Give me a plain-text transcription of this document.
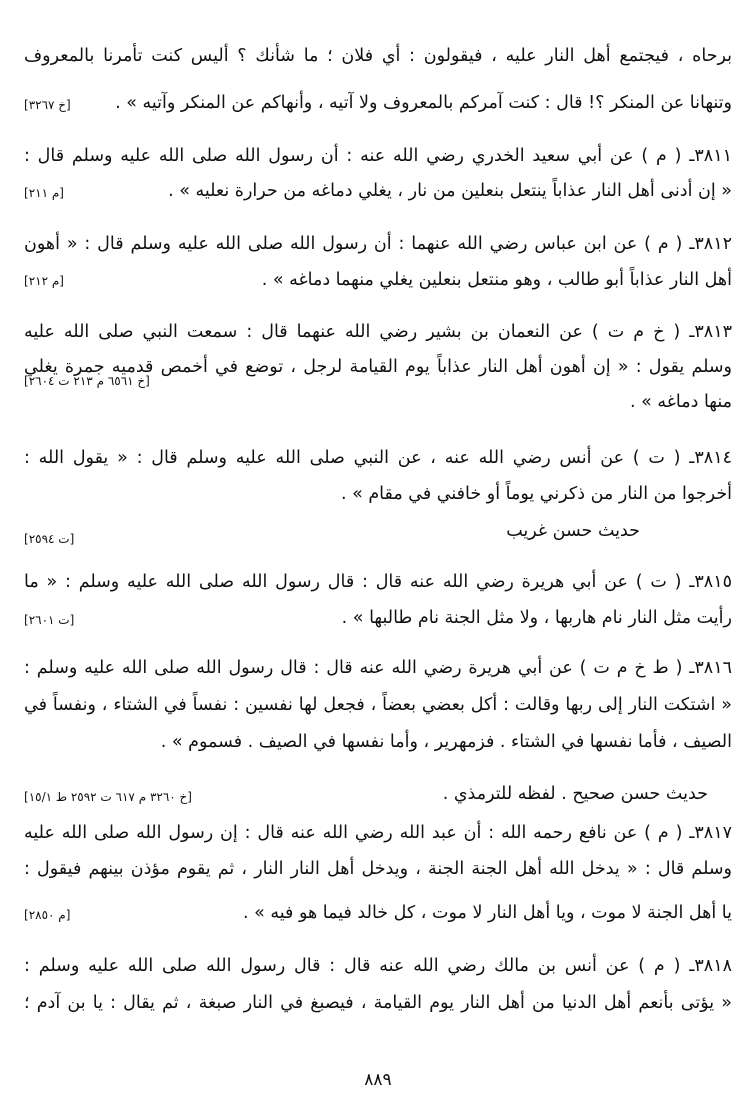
برحاه ، فيجتمع أهل النار عليه ، فيقولون : أي فلان ؛ ما شأنك ؟ أليس كنت تأمرنا بالمعروف
وتنهانا عن المنكر ؟! قال : كنت آمركم بالمعروف ولا آتيه ، وأنهاكم عن المنكر وآتيه » .
[خ ٣٢٦٧]
٣٨١١ـ ( م ) عن أبي سعيد الخدري رضي الله عنه : أن رسول الله صلى الله عليه وسلم قال :
« إن أدنى أهل النار عذاباً ينتعل بنعلين من نار ، يغلي دماغه من حرارة نعليه » .
[م ٢١١]
٣٨١٢ـ ( م ) عن ابن عباس رضي الله عنهما : أن رسول الله صلى الله عليه وسلم قال : « أهون
أهل النار عذاباً أبو طالب ، وهو منتعل بنعلين يغلي منهما دماغه » .
[م ٢١٢]
٣٨١٣ـ ( خ م ت ) عن النعمان بن بشير رضي الله عنهما قال : سمعت النبي صلى الله عليه
وسلم يقول : « إن أهون أهل النار عذاباً يوم القيامة لرجل ، توضع في أخمص قدميه جمرة يغلي
منها دماغه » .
[خ ٦٥٦١ م ٢١٣ ت ٢٦٠٤]
٣٨١٤ـ ( ت ) عن أنس رضي الله عنه ، عن النبي صلى الله عليه وسلم قال : « يقول الله :
أخرجوا من النار من ذكرني يوماً أو خافني في مقام » .
حديث حسن غريب
[ت ٢٥٩٤]
٣٨١٥ـ ( ت ) عن أبي هريرة رضي الله عنه قال : قال رسول الله صلى الله عليه وسلم : « ما
رأيت مثل النار نام هاربها ، ولا مثل الجنة نام طالبها » .
[ت ٢٦٠١]
٣٨١٦ـ ( ط خ م ت ) عن أبي هريرة رضي الله عنه قال : قال رسول الله صلى الله عليه وسلم :
« اشتكت النار إلى ربها وقالت : أكل بعضي بعضاً ، فجعل لها نفسين : نفساً في الشتاء ، ونفساً في
الصيف ، فأما نفسها في الشتاء . فزمهرير ، وأما نفسها في الصيف . فسموم » .
حديث حسن صحيح . لفظه للترمذي .
[خ ٣٢٦٠ م ٦١٧ ت ٢٥٩٢ ط ١٥/١]
٣٨١٧ـ ( م ) عن نافع رحمه الله : أن عبد الله رضي الله عنه قال : إن رسول الله صلى الله عليه
وسلم قال : « يدخل الله أهل الجنة الجنة ، ويدخل أهل النار النار ، ثم يقوم مؤذن بينهم فيقول :
يا أهل الجنة لا موت ، ويا أهل النار لا موت ، كل خالد فيما هو فيه » .
[م ٢٨٥٠]
٣٨١٨ـ ( م ) عن أنس بن مالك رضي الله عنه قال : قال رسول الله صلى الله عليه وسلم :
« يؤتى بأنعم أهل الدنيا من أهل النار يوم القيامة ، فيصبغ في النار صبغة ، ثم يقال : يا بن آدم ؛
٨٨٩
